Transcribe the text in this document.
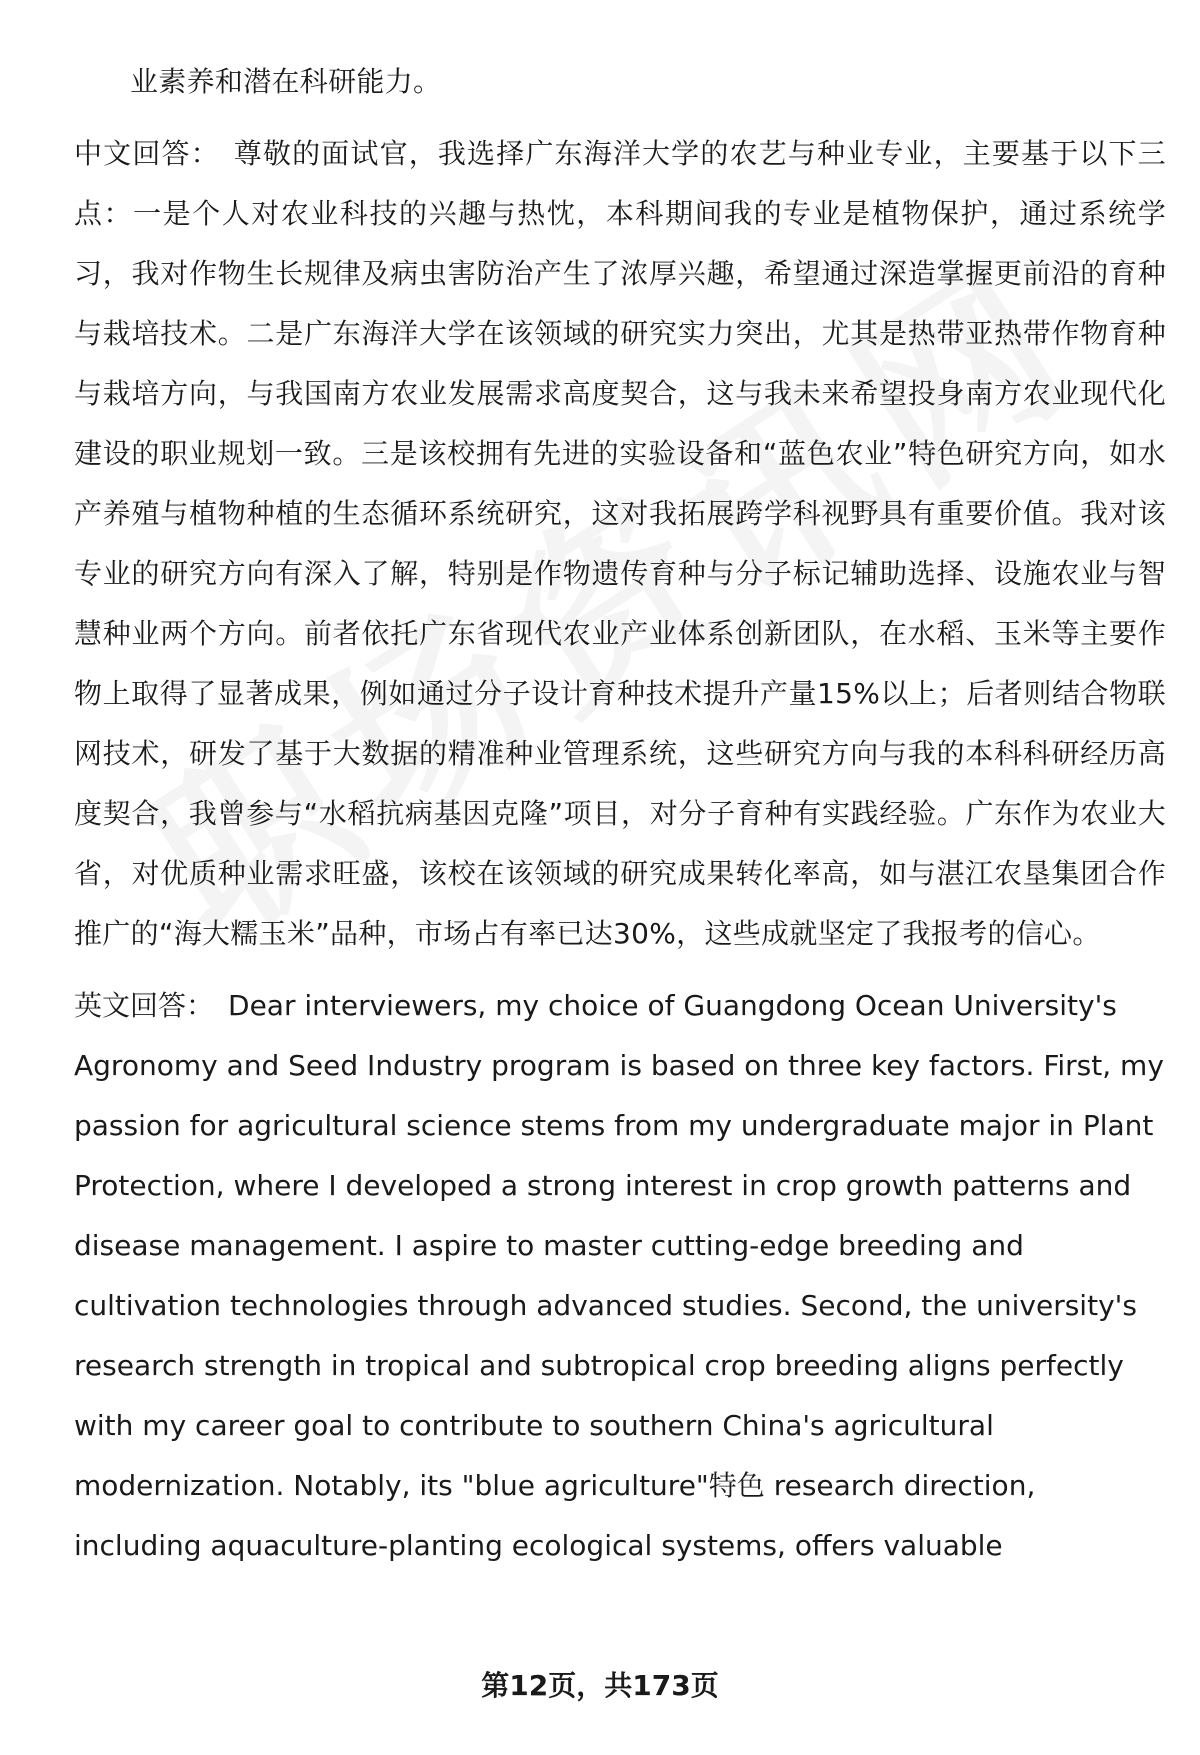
业素养和潜在科研能力。

中文回答： 尊敬的面试官，我选择广东海洋大学的农艺与种业专业，主要基于以下三点：一是个人对农业科技的兴趣与热忱，本科期间我的专业是植物保护，通过系统学习，我对作物生长规律及病虫害防治产生了浓厚兴趣，希望通过深造掌握更前沿的育种与栽培技术。二是广东海洋大学在该领域的研究实力突出，尤其是热带亚热带作物育种与栽培方向，与我国南方农业发展需求高度契合，这与我未来希望投身南方农业现代化建设的职业规划一致。三是该校拥有先进的实验设备和“蓝色农业”特色研究方向，如水产养殖与植物种植的生态循环系统研究，这对我拓展跨学科视野具有重要价值。我对该专业的研究方向有深入了解，特别是作物遗传育种与分子标记辅助选择、设施农业与智慧种业两个方向。前者依托广东省现代农业产业体系创新团队，在水稻、玉米等主要作物上取得了显著成果，例如通过分子设计育种技术提升产量15%以上；后者则结合物联网技术，研发了基于大数据的精准种业管理系统，这些研究方向与我的本科科研经历高度契合，我曾参与“水稻抗病基因克隆”项目，对分子育种有实践经验。广东作为农业大省，对优质种业需求旺盛，该校在该领域的研究成果转化率高，如与湛江农垦集团合作推广的“海大糯玉米”品种，市场占有率已达30%，这些成就坚定了我报考的信心。

英文回答： Dear interviewers, my choice of Guangdong Ocean University's Agronomy and Seed Industry program is based on three key factors. First, my passion for agricultural science stems from my undergraduate major in Plant Protection, where I developed a strong interest in crop growth patterns and disease management. I aspire to master cutting-edge breeding and cultivation technologies through advanced studies. Second, the university's research strength in tropical and subtropical crop breeding aligns perfectly with my career goal to contribute to southern China's agricultural modernization. Notably, its "blue agriculture"特色 research direction, including aquaculture-planting ecological systems, offers valuable

第12页，共173页
